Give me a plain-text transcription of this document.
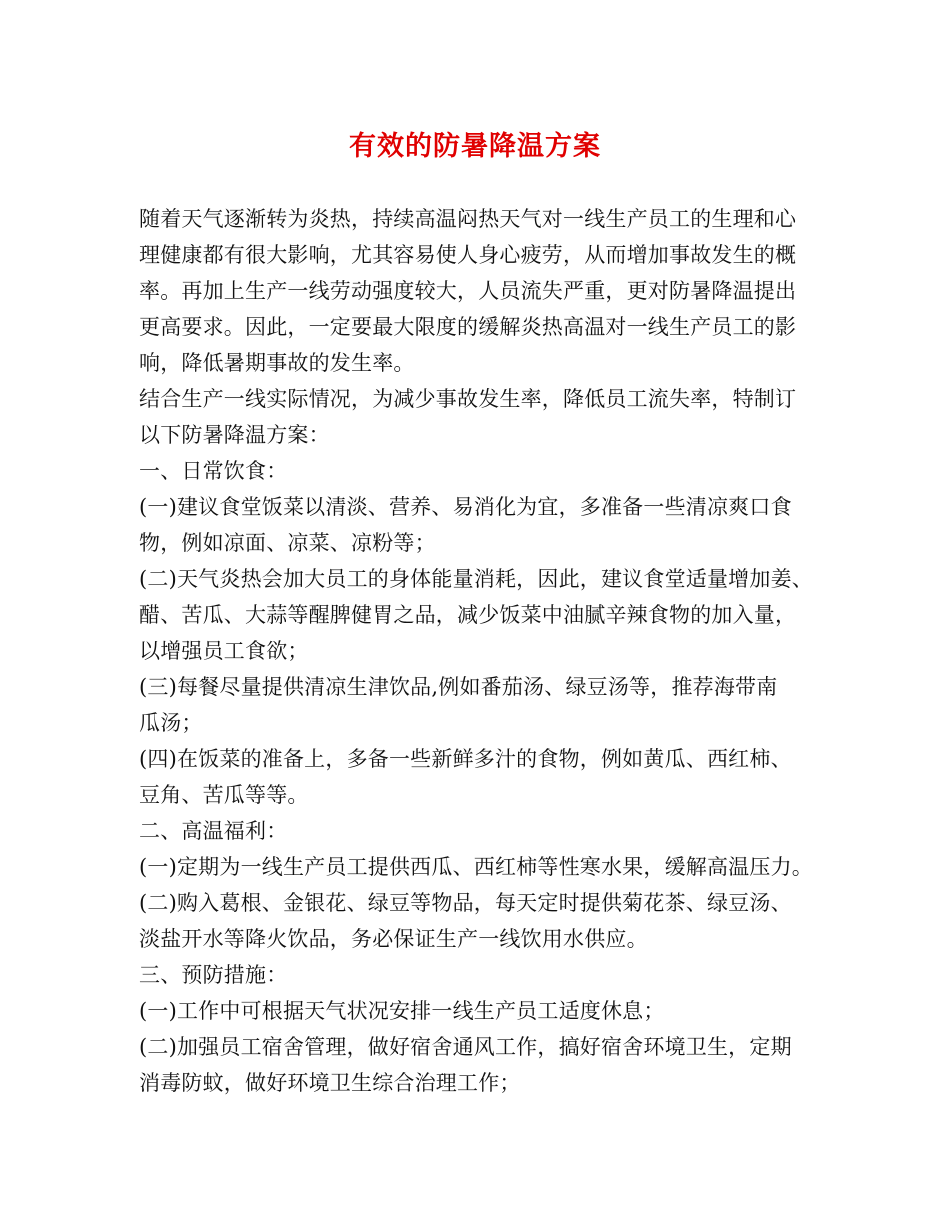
有效的防暑降温方案
随着天气逐渐转为炎热，持续高温闷热天气对一线生产员工的生理和心
理健康都有很大影响，尤其容易使人身心疲劳，从而增加事故发生的概
率。再加上生产一线劳动强度较大，人员流失严重，更对防暑降温提出
更高要求。因此，一定要最大限度的缓解炎热高温对一线生产员工的影
响，降低暑期事故的发生率。
结合生产一线实际情况，为减少事故发生率，降低员工流失率，特制订
以下防暑降温方案：
一、日常饮食：
(一)建议食堂饭菜以清淡、营养、易消化为宜，多准备一些清凉爽口食
物，例如凉面、凉菜、凉粉等；
(二)天气炎热会加大员工的身体能量消耗，因此，建议食堂适量增加姜、
醋、苦瓜、大蒜等醒脾健胃之品，减少饭菜中油腻辛辣食物的加入量，
以增强员工食欲；
(三)每餐尽量提供清凉生津饮品,例如番茄汤、绿豆汤等，推荐海带南
瓜汤；
(四)在饭菜的准备上，多备一些新鲜多汁的食物，例如黄瓜、西红柿、
豆角、苦瓜等等。
二、高温福利：
(一)定期为一线生产员工提供西瓜、西红柿等性寒水果，缓解高温压力。
(二)购入葛根、金银花、绿豆等物品，每天定时提供菊花茶、绿豆汤、
淡盐开水等降火饮品，务必保证生产一线饮用水供应。
三、预防措施：
(一)工作中可根据天气状况安排一线生产员工适度休息；
(二)加强员工宿舍管理，做好宿舍通风工作，搞好宿舍环境卫生，定期
消毒防蚊，做好环境卫生综合治理工作；
